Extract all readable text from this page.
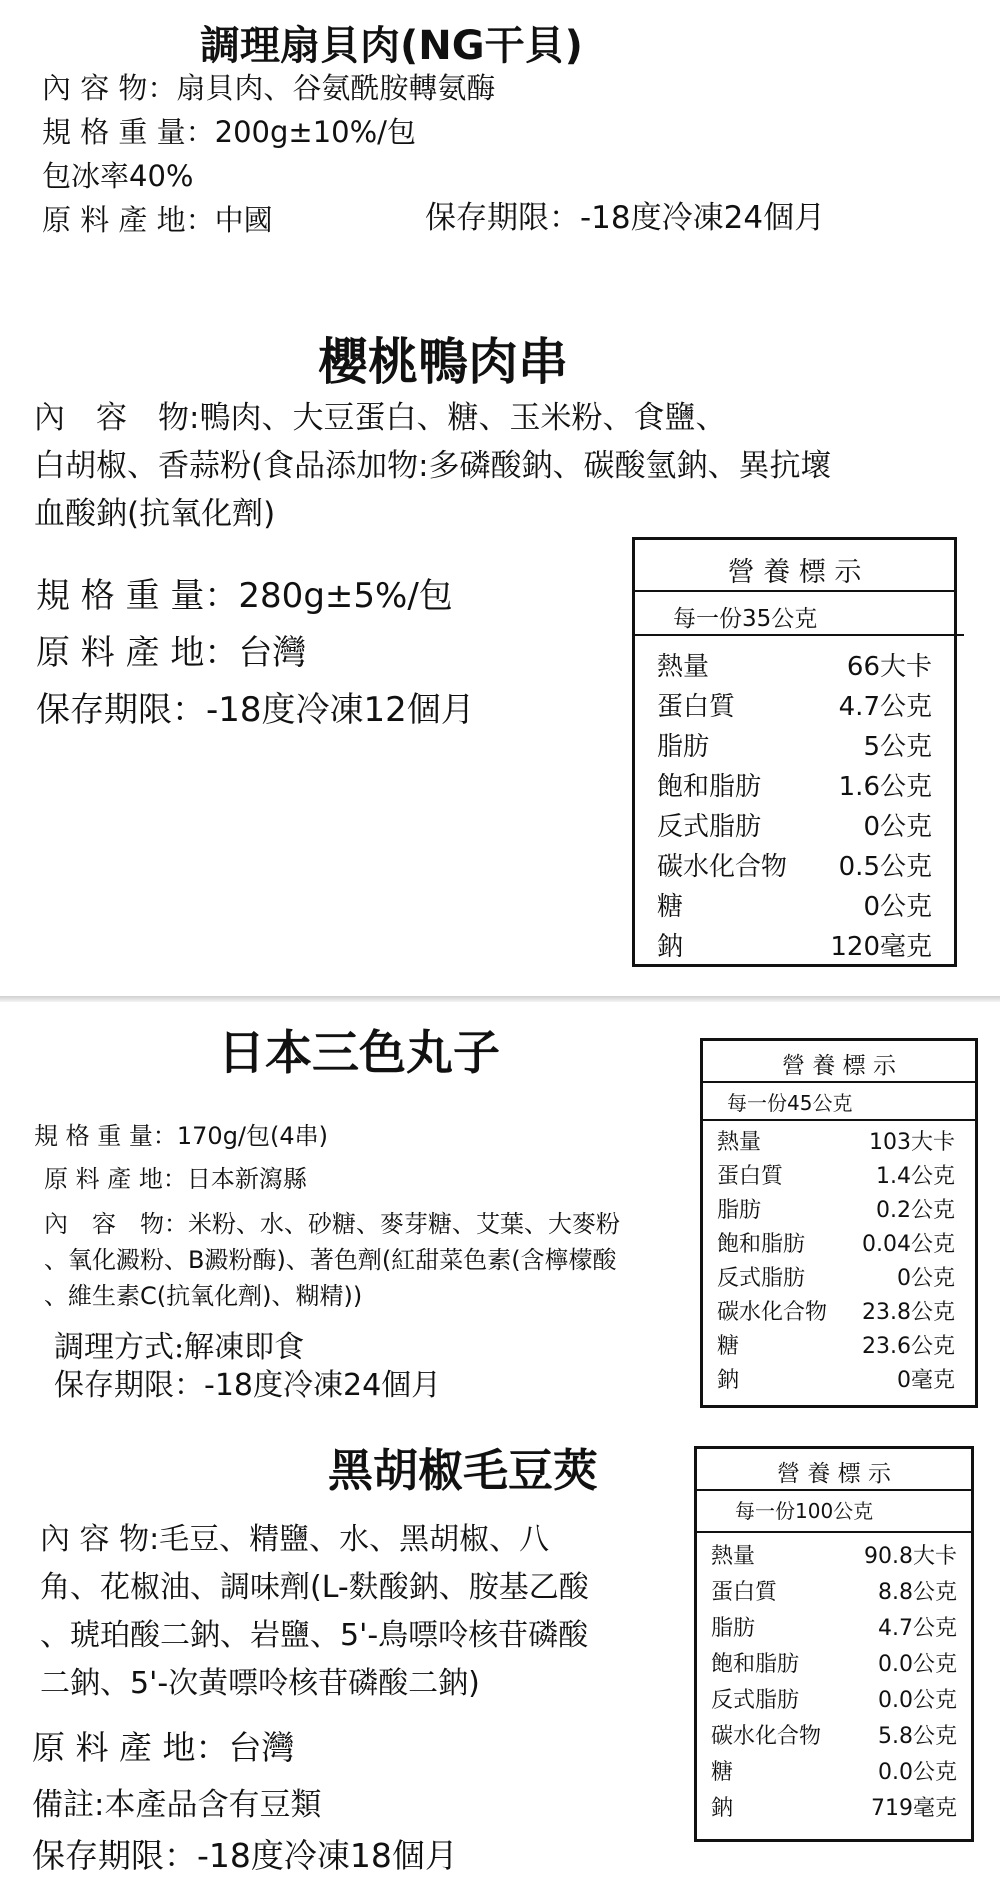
調理扇貝肉(NG干貝)
內 容 物：扇貝肉、谷氨酰胺轉氨酶
規 格 重 量：200g±10%/包
包冰率40%
原 料 產 地：中國	保存期限：-18度冷凍24個月
櫻桃鴨肉串
內　容　物:鴨肉、大豆蛋白、糖、玉米粉、食鹽、
白胡椒、香蒜粉(食品添加物:多磷酸鈉、碳酸氫鈉、異抗壞
血酸鈉(抗氧化劑)
規 格 重 量：280g±5%/包
原 料 產 地：台灣
保存期限：-18度冷凍12個月
營 養 標 示
每一份35公克
熱量	66大卡
蛋白質	4.7公克
脂肪	5公克
飽和脂肪	1.6公克
反式脂肪	0公克
碳水化合物 0.5公克
糖	0公克
鈉	120毫克
日本三色丸子
規 格 重 量：170g/包(4串)
原 料 產 地：日本新瀉縣
內　容　物：米粉、水、砂糖、麥芽糖、艾葉、大麥粉
、氧化澱粉、Β澱粉酶)、著色劑(紅甜菜色素(含檸檬酸
、維生素C(抗氧化劑)、糊精))
調理方式:解凍即食
保存期限：-18度冷凍24個月
營 養 標 示
每一份45公克
熱量	103大卡
蛋白質	1.4公克
脂肪	0.2公克
飽和脂肪	0.04公克
反式脂肪	0公克
碳水化合物 23.8公克
糖	23.6公克
鈉	0毫克
黑胡椒毛豆莢
內 容 物:毛豆、精鹽、水、黑胡椒、八
角、花椒油、調味劑(L-麩酸鈉、胺基乙酸
、琥珀酸二鈉、岩鹽、5'-鳥嘌呤核苷磷酸
二鈉、5'-次黃嘌呤核苷磷酸二鈉)
原 料 產 地：台灣
備註:本產品含有豆類
保存期限：-18度冷凍18個月
營 養 標 示
每一份100公克
熱量	90.8大卡
蛋白質	8.8公克
脂肪	4.7公克
飽和脂肪	0.0公克
反式脂肪	0.0公克
碳水化合物	5.8公克
糖	0.0公克
鈉	719毫克
